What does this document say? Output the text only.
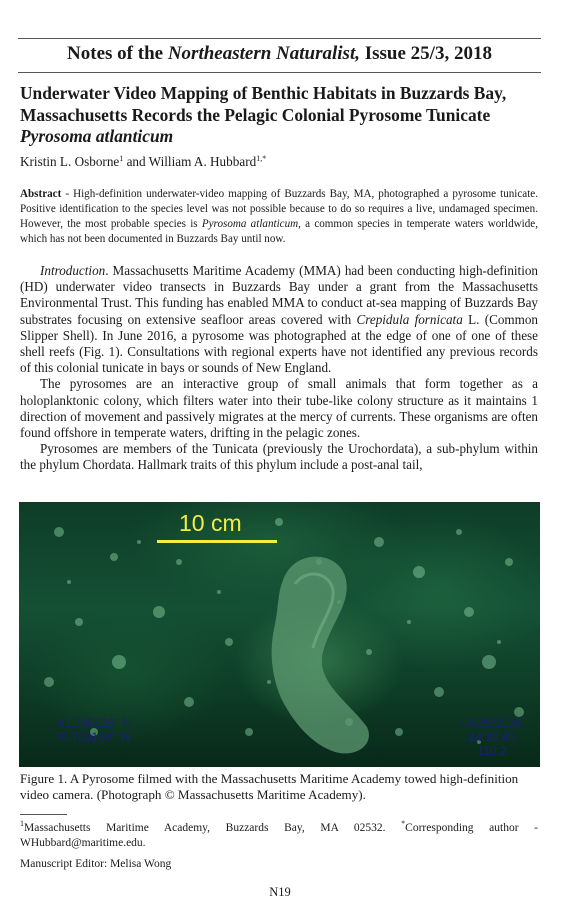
Notes of the Northeastern Naturalist, Issue 25/3, 2018
Underwater Video Mapping of Benthic Habitats in Buzzards Bay, Massachusetts Records the Pelagic Colonial Pyrosome Tunicate Pyrosoma atlanticum
Kristin L. Osborne$^1$ and William A. Hubbard$^{1,*}$
Abstract - High-definition underwater-video mapping of Buzzards Bay, MA, photographed a pyrosome tunicate. Positive identification to the species level was not possible because to do so requires a live, undamaged specimen. However, the most probable species is Pyrosoma atlanticum, a common species in temperate waters worldwide, which has not been documented in Buzzards Bay until now.

Introduction. Massachusetts Maritime Academy (MMA) had been conducting high-definition (HD) underwater video transects in Buzzards Bay under a grant from the Massachusetts Environmental Trust. This funding has enabled MMA to conduct at-sea mapping of Buzzards Bay substrates focusing on extensive seafloor areas covered with Crepidula fornicata L. (Common Slipper Shell). In June 2016, a pyrosome was photographed at the edge of one of one of these shell reefs (Fig. 1). Consultations with regional experts have not identified any previous records of this colonial tunicate in bays or sounds of New England.

The pyrosomes are an interactive group of small animals that form together as a holoplanktonic colony, which filters water into their tube-like colony structure as it maintains 1 direction of movement and passively migrates at the mercy of currents. These organisms are often found offshore in temperate waters, drifting in the pelagic zones.

Pyrosomes are members of the Tunicata (previously the Urochordata), a sub-phylum within the phylum Chordata. Hallmark traits of this phylum include a post-anal tail,

10 cm
41.705820° N
70.700160° W
06/15/2016
14:39:40
110.2
Figure 1. A Pyrosome filmed with the Massachusetts Maritime Academy towed high-definition video camera. (Photograph © Massachusetts Maritime Academy).
$^1$Massachusetts Maritime Academy, Buzzards Bay, MA 02532. *Corresponding author - WHubbard@maritime.edu.
Manuscript Editor: Melisa Wong
N19
